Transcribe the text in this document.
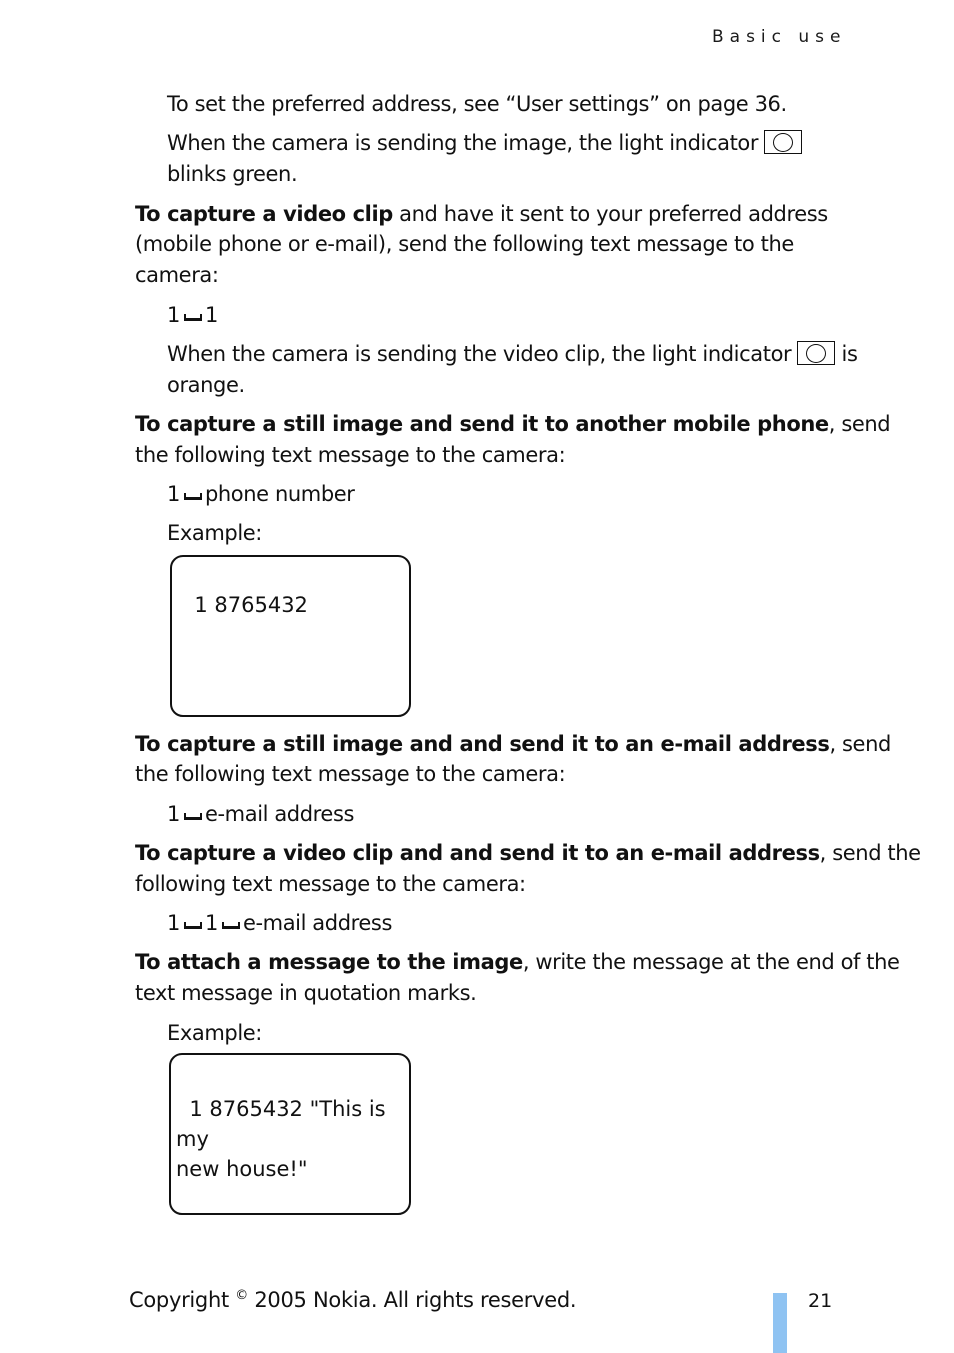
Basic use
To set the preferred address, see “User settings” on page 36.
When the camera is sending the image, the light indicator
blinks green.
To capture a video clip and have it sent to your preferred address
(mobile phone or e-mail), send the following text message to the
camera:
1 1
When the camera is sending the video clip, the light indicator is
orange.
To capture a still image and send it to another mobile phone, send
the following text message to the camera:
1 phone number
Example:

1 8765432

To capture a still image and and send it to an e-mail address, send
the following text message to the camera:
1 e-mail address
To capture a video clip and and send it to an e-mail address, send the
following text message to the camera:
1 1 e-mail address
To attach a message to the image, write the message at the end of the
text message in quotation marks.
Example:

1 8765432 "This is my
new house!"

Copyright © 2005 Nokia. All rights reserved.	21
